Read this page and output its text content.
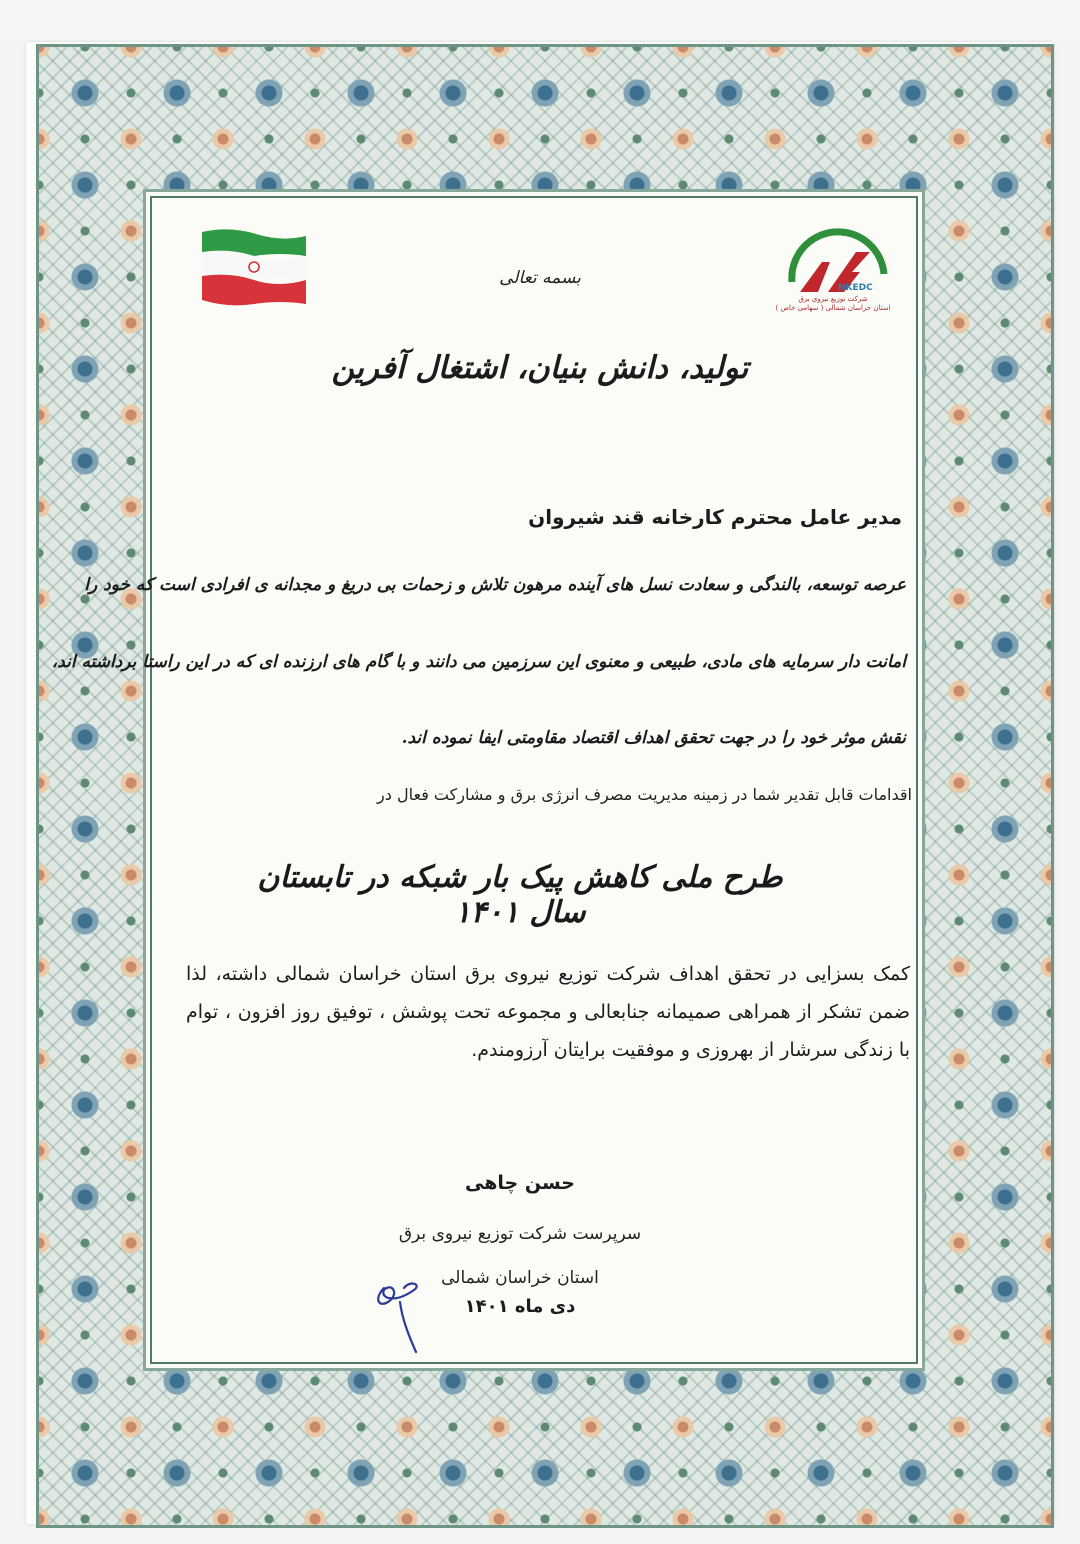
NKEDC
شرکت توزیع نیروی برق
استان خراسان شمالی ( سهامی خاص )
بسمه تعالی
تولید، دانش بنیان، اشتغال آفرین
مدیر عامل محترم کارخانه قند شیروان
عرصه توسعه، بالندگی و سعادت نسل های آینده مرهون تلاش و زحمات بی دریغ و مجدانه ی افرادی است که خود را
امانت دار سرمایه های مادی، طبیعی و معنوی این سرزمین می دانند و با گام های ارزنده ای که در این راستا برداشته اند،
نقش موثر خود را در جهت تحقق اهداف اقتصاد مقاومتی ایفا نموده اند.
اقدامات قابل تقدیر شما در زمینه مدیریت مصرف انرژی برق و مشارکت فعال در
طرح ملی کاهش پیک بار شبکه در تابستان سال ۱۴۰۱
کمک بسزایی در تحقق اهداف شرکت توزیع نیروی برق استان خراسان شمالی داشته، لذا ضمن تشکر از همراهی صمیمانه جنابعالی و مجموعه تحت پوشش ، توفیق روز افزون ، توام با زندگی سرشار از بهروزی و موفقیت برایتان آرزومندم.
حسن چاهی
سرپرست شرکت توزیع نیروی برق
استان خراسان شمالی
دی ماه ۱۴۰۱
